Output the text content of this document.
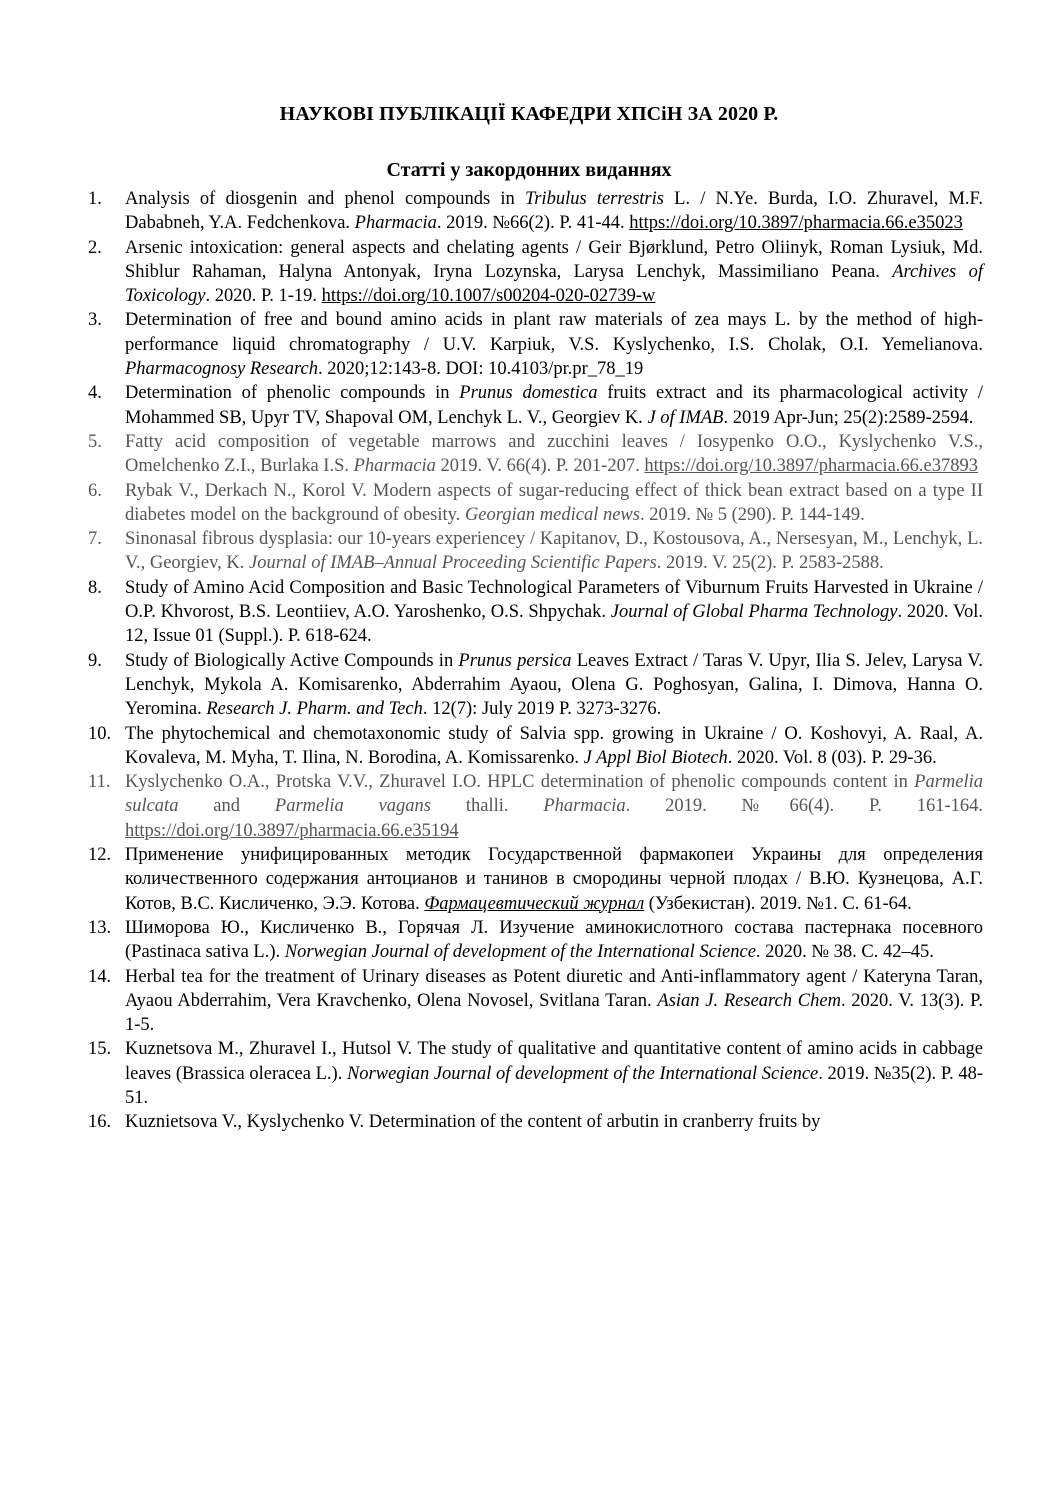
НАУКОВІ ПУБЛІКАЦІЇ КАФЕДРИ ХПСіН ЗА 2020 Р.
Статті у закордонних виданнях
1. Analysis of diosgenin and phenol compounds in Tribulus terrestris L. / N.Ye. Burda, I.O. Zhuravel, M.F. Dababneh, Y.A. Fedchenkova. Pharmacia. 2019. №66(2). P. 41-44. https://doi.org/10.3897/pharmacia.66.e35023
2. Arsenic intoxication: general aspects and chelating agents / Geir Bjørklund, Petro Oliinyk, Roman Lysiuk, Md. Shiblur Rahaman, Halyna Antonyak, Iryna Lozynska, Larysa Lenchyk, Massimiliano Peana. Archives of Toxicology. 2020. P. 1-19. https://doi.org/10.1007/s00204-020-02739-w
3. Determination of free and bound amino acids in plant raw materials of zea mays L. by the method of high-performance liquid chromatography / U.V. Karpiuk, V.S. Kyslychenko, I.S. Cholak, O.I. Yemelianova. Pharmacognosy Research. 2020;12:143-8. DOI: 10.4103/pr.pr_78_19
4. Determination of phenolic compounds in Prunus domestica fruits extract and its pharmacological activity / Mohammed SB, Upyr TV, Shapoval OM, Lenchyk L. V., Georgiev K. J of IMAB. 2019 Apr-Jun; 25(2):2589-2594.
5. Fatty acid composition of vegetable marrows and zucchini leaves / Iosypenko O.O., Kyslychenko V.S., Omelchenko Z.I., Burlaka I.S. Pharmacia 2019. V. 66(4). P. 201-207. https://doi.org/10.3897/pharmacia.66.e37893
6. Rybak V., Derkach N., Korol V. Modern aspects of sugar-reducing effect of thick bean extract based on a type II diabetes model on the background of obesity. Georgian medical news. 2019. № 5 (290). P. 144-149.
7. Sinonasal fibrous dysplasia: our 10-years experiencey / Kapitanov, D., Kostousova, A., Nersesyan, M., Lenchyk, L. V., Georgiev, K. Journal of IMAB–Annual Proceeding Scientific Papers. 2019. V. 25(2). P. 2583-2588.
8. Study of Amino Acid Composition and Basic Technological Parameters of Viburnum Fruits Harvested in Ukraine / O.P. Khvorost, B.S. Leontiiev, A.O. Yaroshenko, O.S. Shpychak. Journal of Global Pharma Technology. 2020. Vol. 12, Issue 01 (Suppl.). P. 618-624.
9. Study of Biologically Active Compounds in Prunus persica Leaves Extract / Taras V. Upyr, Ilia S. Jelev, Larysa V. Lenchyk, Mykola A. Komisarenko, Abderrahim Ayaou, Olena G. Poghosyan, Galina, I. Dimova, Hanna O. Yeromina. Research J. Pharm. and Tech. 12(7): July 2019 P. 3273-3276.
10. The phytochemical and chemotaxonomic study of Salvia spp. growing in Ukraine / O. Koshovyi, A. Raal, A. Kovaleva, M. Myha, T. Ilina, N. Borodina, A. Komissarenko. J Appl Biol Biotech. 2020. Vol. 8 (03). P. 29-36.
11. Kyslychenko O.A., Protska V.V., Zhuravel I.O. HPLC determination of phenolic compounds content in Parmelia sulcata and Parmelia vagans thalli. Pharmacia. 2019. №66(4). P. 161-164. https://doi.org/10.3897/pharmacia.66.e35194
12. Применение унифицированных методик Государственной фармакопеи Украины для определения количественного содержания антоцианов и танинов в смородины черной плодах / В.Ю. Кузнецова, А.Г. Котов, В.С. Кисличенко, Э.Э. Котова. Фармацевтический журнал (Узбекистан). 2019. №1. С. 61-64.
13. Шиморова Ю., Кисличенко В., Горячая Л. Изучение аминокислотного состава пастернака посевного (Pastinaca sativa L.). Norwegian Journal of development of the International Science. 2020. № 38. С. 42–45.
14. Herbal tea for the treatment of Urinary diseases as Potent diuretic and Anti-inflammatory agent / Kateryna Taran, Ayaou Abderrahim, Vera Kravchenko, Olena Novosel, Svitlana Taran. Asian J. Research Chem. 2020. V. 13(3). P. 1-5.
15. Kuznetsova M., Zhuravel I., Hutsol V. The study of qualitative and quantitative content of amino acids in cabbage leaves (Brassica oleracea L.). Norwegian Journal of development of the International Science. 2019. №35(2). P. 48-51.
16. Kuznietsova V., Kyslychenko V. Determination of the content of arbutin in cranberry fruits by
